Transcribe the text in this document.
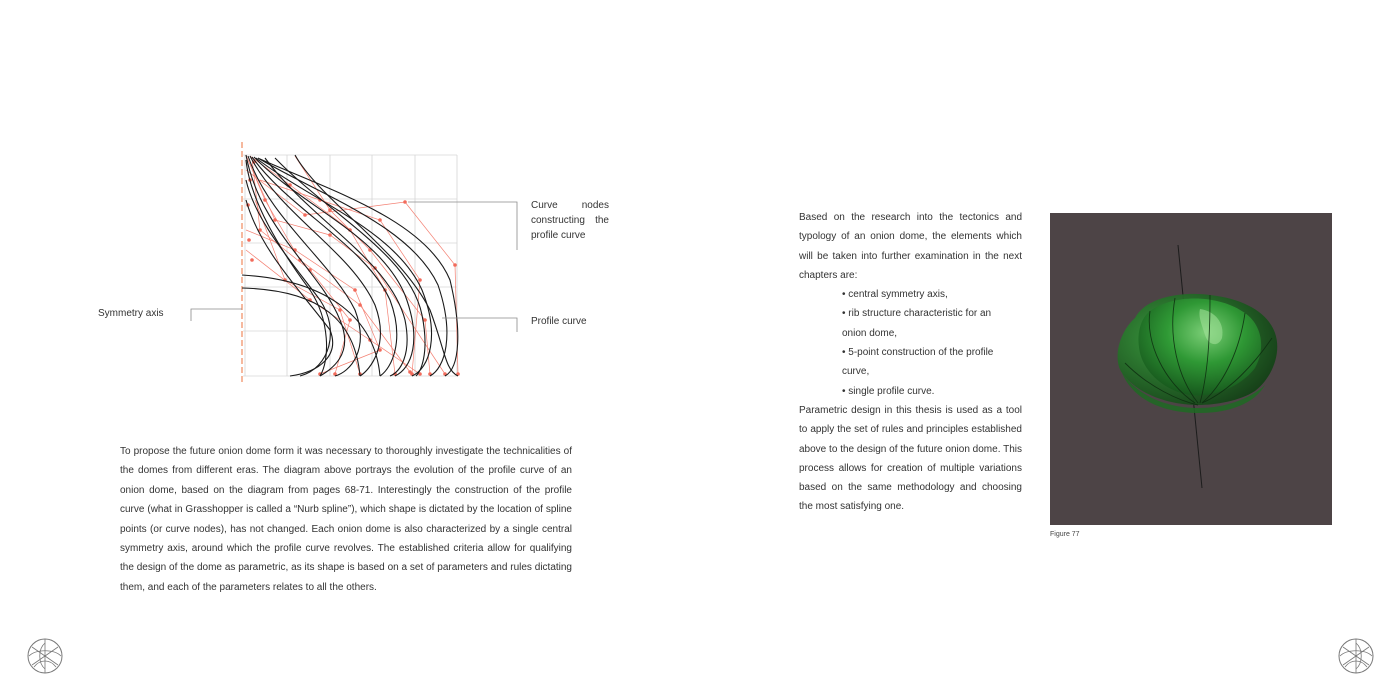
Curve nodes constructing the profile curve
Symmetry axis
Profile curve
To propose the future onion dome form it was necessary to thoroughly investigate the technicalities of the domes from different eras. The diagram above portrays the evolution of the profile curve of an onion dome, based on the diagram from pages 68-71. Interestingly the construction of the profile curve (what in Grasshopper is called a “Nurb spline”), which shape is dictated by the location of spline points (or curve nodes), has not changed. Each onion dome is also characterized by a single central symmetry axis, around which the profile curve revolves. The established criteria allow for qualifying the design of the dome as parametric, as its shape is based on a set of parameters and rules dictating them, and each of the parameters relates to all the others.
Based on the research into the tectonics and typology of an onion dome, the elements which will be taken into further examination in the next chapters are:
• central symmetry axis,
• rib structure characteristic for an onion dome,
• 5-point construction of the profile curve,
• single profile curve.
Parametric design in this thesis is used as a tool to apply the set of rules and principles established above to the design of the future onion dome. This process allows for creation of multiple variations based on the same methodology and choosing the most satisfying one.
Figure 77
